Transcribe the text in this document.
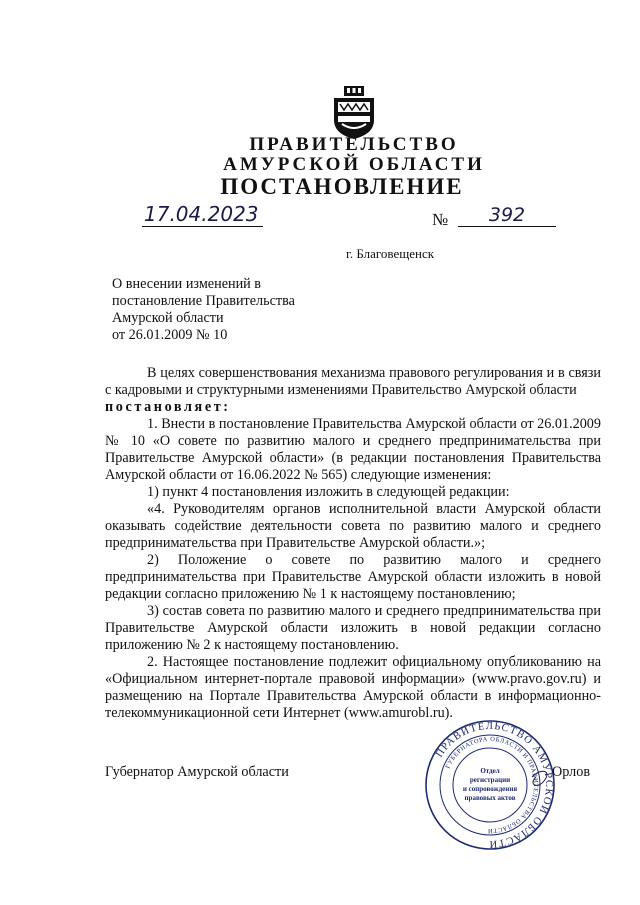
ПРАВИТЕЛЬСТВО
АМУРСКОЙ ОБЛАСТИ
ПОСТАНОВЛЕНИЕ
17.04.2023	№	392
г. Благовещенск
О внесении изменений в
постановление Правительства
Амурской области
от 26.01.2009 № 10

В целях совершенствования механизма правового регулирования и в связи с кадровыми и структурными изменениями Правительство Амурской области

постановляет:

1. Внести в постановление Правительства Амурской области от 26.01.2009 № 10 «О совете по развитию малого и среднего предпринимательства при Правительстве Амурской области» (в редакции постановления Правительства Амурской области от 16.06.2022 № 565) следующие изменения:

1) пункт 4 постановления изложить в следующей редакции:

«4. Руководителям органов исполнительной власти Амурской области оказывать содействие деятельности совета по развитию малого и среднего предпринимательства при Правительстве Амурской области.»;

2) Положение о совете по развитию малого и среднего предпринимательства при Правительстве Амурской области изложить в новой редакции согласно приложению № 1 к настоящему постановлению;

3) состав совета по развитию малого и среднего предпринимательства при Правительстве Амурской области изложить в новой редакции согласно приложению № 2 к настоящему постановлению.

2. Настоящее постановление подлежит официальному опубликованию на «Официальном интернет-портале правовой информации» (www.pravo.gov.ru) и размещению на Портале Правительства Амурской области в информационно-телекоммуникационной сети Интернет (www.amurobl.ru).

Губернатор Амурской области
ПРАВИТЕЛЬСТВО АМУРСКОЙ ОБЛАСТИ
ГУБЕРНАТОРА ОБЛАСТИ И ПРАВИТЕЛЬСТВА ОБЛАСТИ
Отдел
регистрации
и сопровождения
правовых актов
Орлов
